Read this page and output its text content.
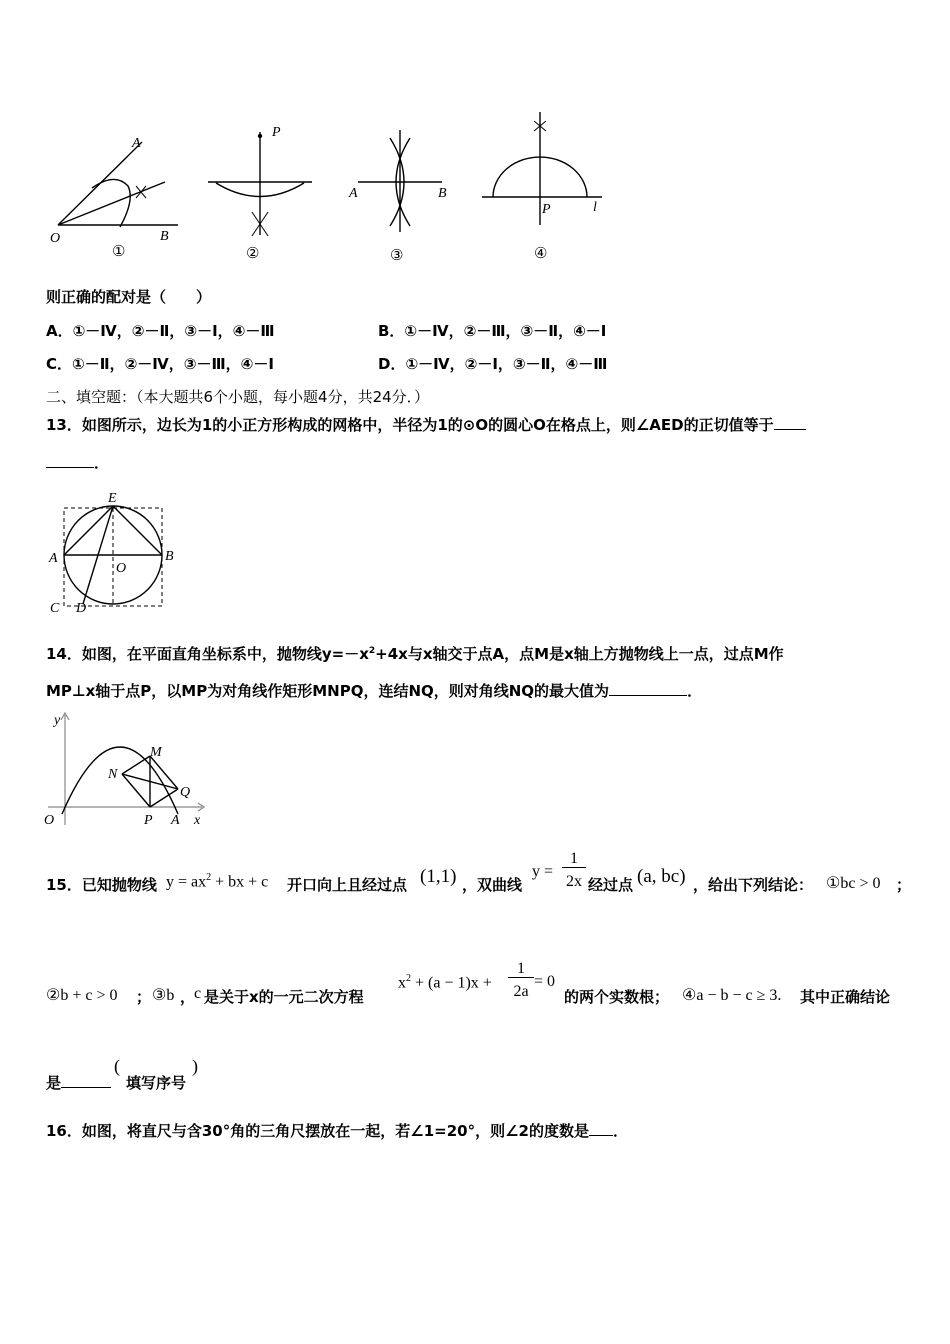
A
O	B
①
P
②
A	B
③
P	l
④
则正确的配对是（　　）
A．①－Ⅳ，②－Ⅱ，③－Ⅰ，④－Ⅲ	B．①－Ⅳ，②－Ⅲ，③－Ⅱ，④－Ⅰ
C．①－Ⅱ，②－Ⅳ，③－Ⅲ，④－Ⅰ	D．①－Ⅳ，②－Ⅰ，③－Ⅱ，④－Ⅲ
二、填空题：（本大题共6个小题，每小题4分，共24分．）
13．如图所示，边长为1的小正方形构成的网格中，半径为1的⊙O的圆心O在格点上，则∠AED的正切值等于
．
E
A	B
O
C D
14．如图，在平面直角坐标系中，抛物线$y=-x^2+4x$与x轴交于点A，点M是x轴上方抛物线上一点，过点M作
MP⊥x轴于点P，以MP为对角线作矩形MNPQ，连结NQ，则对角线NQ的最大值为	．
y
M
N
Q
O	P A x
15．已知抛物线 $y = ax^2$ + bx + c 开口向上且经过点 (1,1) ，双曲线
y =
1
2x 经过点 (a, bc) ，给出下列结论： ①bc > 0 ；
②b + c > 0 ； ③b ，
c 是关于x的一元二次方程
$x^2 + (a - 1)x$ +
1
2a
= 0
的两个实数根； ④a − b − c ≥ 3. 其中正确结论
是
(
填写序号
)
16．如图，将直尺与含30°角的三角尺摆放在一起，若∠1=20°，则∠2的度数是 ．
